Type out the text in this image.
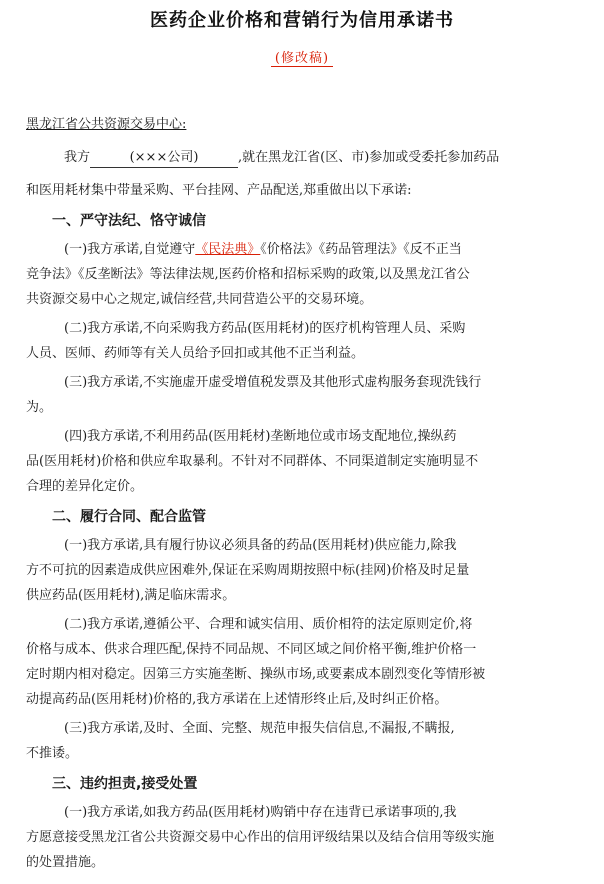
医药企业价格和营销行为信用承诺书
(修改稿)
黑龙江省公共资源交易中心:
我方	(×××公司)	,就在黑龙江省(区、市)参加或受委托参加药品
和医用耗材集中带量采购、平台挂网、产品配送,郑重做出以下承诺:
一、严守法纪、恪守诚信
(一)我方承诺,自觉遵守《民法典》《价格法》《药品管理法》《反不正当
竞争法》《反垄断法》等法律法规,医药价格和招标采购的政策,以及黑龙江省公
共资源交易中心之规定,诚信经营,共同营造公平的交易环境。
(二)我方承诺,不向采购我方药品(医用耗材)的医疗机构管理人员、采购
人员、医师、药师等有关人员给予回扣或其他不正当利益。
(三)我方承诺,不实施虚开虚受增值税发票及其他形式虚构服务套现洗钱行
为。
(四)我方承诺,不利用药品(医用耗材)垄断地位或市场支配地位,操纵药
品(医用耗材)价格和供应牟取暴利。不针对不同群体、不同渠道制定实施明显不
合理的差异化定价。
二、履行合同、配合监管
(一)我方承诺,具有履行协议必须具备的药品(医用耗材)供应能力,除我
方不可抗的因素造成供应困难外,保证在采购周期按照中标(挂网)价格及时足量
供应药品(医用耗材),满足临床需求。
(二)我方承诺,遵循公平、合理和诚实信用、质价相符的法定原则定价,将
价格与成本、供求合理匹配,保持不同品规、不同区域之间价格平衡,维护价格一
定时期内相对稳定。因第三方实施垄断、操纵市场,或要素成本剧烈变化等情形被
动提高药品(医用耗材)价格的,我方承诺在上述情形终止后,及时纠正价格。
(三)我方承诺,及时、全面、完整、规范申报失信信息,不漏报,不瞒报,
不推诿。
三、违约担责,接受处置
(一)我方承诺,如我方药品(医用耗材)购销中存在违背已承诺事项的,我
方愿意接受黑龙江省公共资源交易中心作出的信用评级结果以及结合信用等级实施
的处置措施。
